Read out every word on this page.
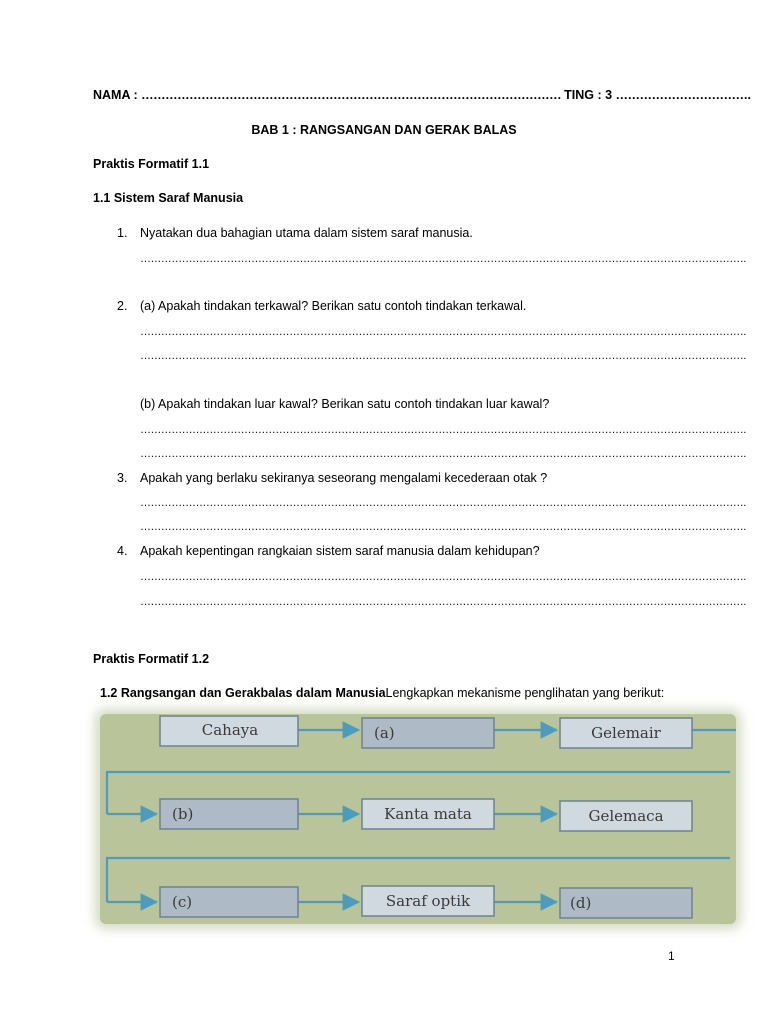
NAMA : …………………………………………………………………………………………… TING : 3 …………………………….
BAB 1 : RANGSANGAN DAN GERAK BALAS
Praktis Formatif 1.1
1.1 Sistem Saraf Manusia
1. Nyatakan dua bahagian utama dalam sistem saraf manusia.
………………………………………………………………………………………………………………………………………………………….
2. (a) Apakah tindakan terkawal? Berikan satu contoh tindakan terkawal.
………………………………………………………………………………………………………………………………………………………….
………………………………………………………………………………………………………………………………………………………….
(b) Apakah tindakan luar kawal? Berikan satu contoh tindakan luar kawal?
………………………………………………………………………………………………………………………………………………………….
………………………………………………………………………………………………………………………………………………………….
3. Apakah yang berlaku sekiranya seseorang mengalami kecederaan otak ?
………………………………………………………………………………………………………………………………………………………….
………………………………………………………………………………………………………………………………………………………….
4. Apakah kepentingan rangkaian sistem saraf manusia dalam kehidupan?
………………………………………………………………………………………………………………………………………………………….
………………………………………………………………………………………………………………………………………………………….
Praktis Formatif 1.2
1.2 Rangsangan dan Gerakbalas dalam ManusiaLengkapkan mekanisme penglihatan yang berikut:
Cahaya	(a)	Gelemair
(b)	Kanta mata	Gelemaca
(c)	Saraf optik	(d)
1
